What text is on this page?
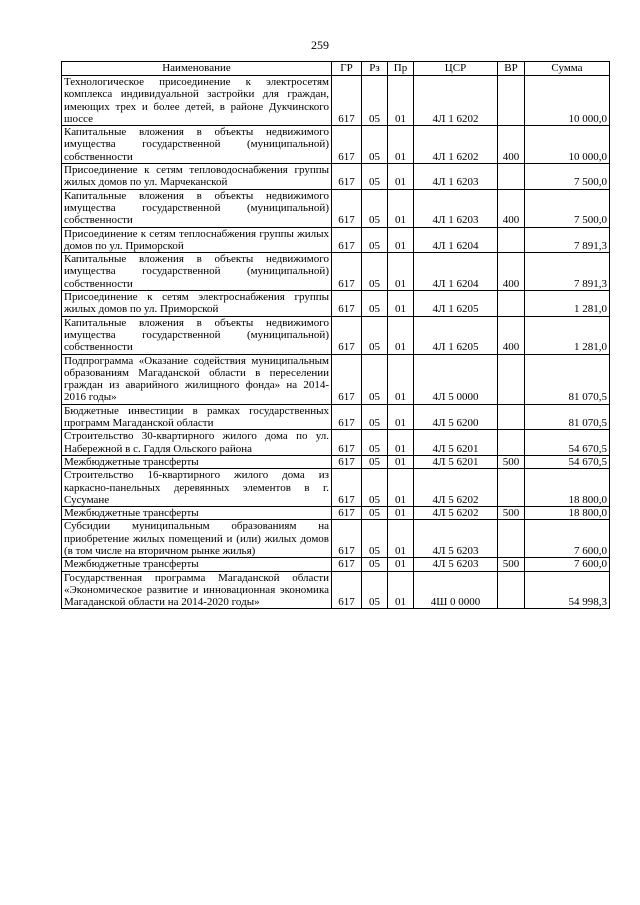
259
Наименование	ГР	Рз	Пр	ЦСР	ВР	Сумма
Технологическое присоединение к электросетям комплекса индивидуальной застройки для граждан, имеющих трех и более детей, в районе Дукчинского шоссе	617	05	01	4Л 1 6202		10 000,0
Капитальные вложения в объекты недвижимого имущества государственной (муниципальной) собственности	617	05	01	4Л 1 6202	400	10 000,0
Присоединение к сетям тепловодоснабжения группы жилых домов по ул. Марчеканской	617	05	01	4Л 1 6203		7 500,0
Капитальные вложения в объекты недвижимого имущества государственной (муниципальной) собственности	617	05	01	4Л 1 6203	400	7 500,0
Присоединение к сетям теплоснабжения группы жилых домов по ул. Приморской	617	05	01	4Л 1 6204		7 891,3
Капитальные вложения в объекты недвижимого имущества государственной (муниципальной) собственности	617	05	01	4Л 1 6204	400	7 891,3
Присоединение к сетям электроснабжения группы жилых домов по ул. Приморской	617	05	01	4Л 1 6205		1 281,0
Капитальные вложения в объекты недвижимого имущества государственной (муниципальной) собственности	617	05	01	4Л 1 6205	400	1 281,0
Подпрограмма «Оказание содействия муниципальным образованиям Магаданской области в переселении граждан из аварийного жилищного фонда» на 2014-2016 годы»	617	05	01	4Л 5 0000		81 070,5
Бюджетные инвестиции в рамках государственных программ Магаданской области	617	05	01	4Л 5 6200		81 070,5
Строительство 30-квартирного жилого дома по ул. Набережной в с. Гадля Ольского района	617	05	01	4Л 5 6201		54 670,5
Межбюджетные трансферты	617	05	01	4Л 5 6201	500	54 670,5
Строительство 16-квартирного жилого дома из каркасно-панельных деревянных элементов в г. Сусумане	617	05	01	4Л 5 6202		18 800,0
Межбюджетные трансферты	617	05	01	4Л 5 6202	500	18 800,0
Субсидии муниципальным образованиям на приобретение жилых помещений и (или) жилых домов (в том числе на вторичном рынке жилья)	617	05	01	4Л 5 6203		7 600,0
Межбюджетные трансферты	617	05	01	4Л 5 6203	500	7 600,0
Государственная программа Магаданской области «Экономическое развитие и инновационная экономика Магаданской области на 2014-2020 годы»	617	05	01	4Ш 0 0000		54 998,3
